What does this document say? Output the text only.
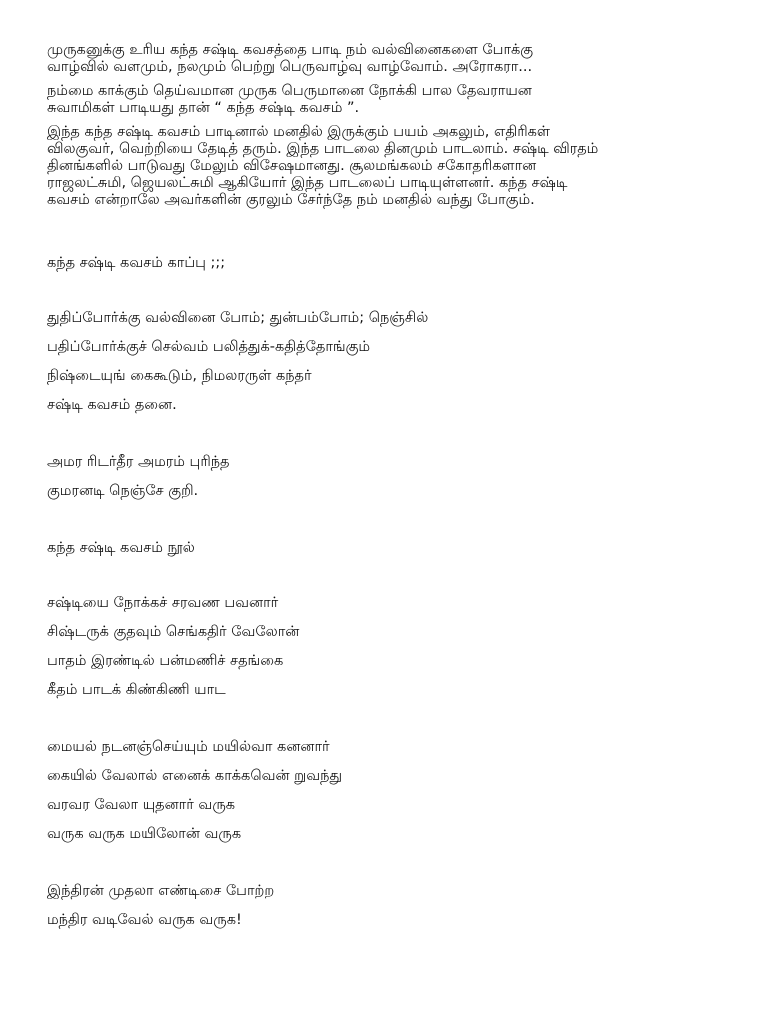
முருகனுக்கு உரிய கந்த சஷ்டி கவசத்தை பாடி நம் வல்வினைகளை போக்கு
வாழ்வில் வளமும், நலமும் பெற்று பெருவாழ்வு வாழ்வோம். அரோகரா...

நம்மை காக்கும் தெய்வமான முருக பெருமானை நோக்கி பால தேவராயன
சுவாமிகள் பாடியது தான் “ கந்த சஷ்டி கவசம் ”.

இந்த கந்த சஷ்டி கவசம் பாடினால் மனதில் இருக்கும் பயம் அகலும், எதிரிகள்
விலகுவர், வெற்றியை தேடித் தரும். இந்த பாடலை தினமும் பாடலாம். சஷ்டி விரதம்
தினங்களில் பாடுவது மேலும் விசேஷமானது. சூலமங்கலம் சகோதரிகளான
ராஜலட்சுமி, ஜெயலட்சுமி ஆகியோர் இந்த பாடலைப் பாடியுள்ளனர். கந்த சஷ்டி
கவசம் என்றாலே அவர்களின் குரலும் சேர்ந்தே நம் மனதில் வந்து போகும்.

கந்த சஷ்டி கவசம் காப்பு ;;;
துதிப்போர்க்கு வல்வினை போம்; துன்பம்போம்; நெஞ்சில்
பதிப்போர்க்குச் செல்வம் பலித்துக்-கதித்தோங்கும்
நிஷ்டையுங் கைகூடும், நிமலரருள் கந்தர்
சஷ்டி கவசம் தனை.
அமர ரிடர்தீர அமரம் புரிந்த
குமரனடி நெஞ்சே குறி.
கந்த சஷ்டி கவசம் நூல்
சஷ்டியை நோக்கச் சரவண பவனார்
சிஷ்டருக் குதவும் செங்கதிர் வேலோன்
பாதம் இரண்டில் பன்மணிச் சதங்கை
கீதம் பாடக் கிண்கிணி யாட
மையல் நடனஞ்செய்யும் மயில்வா கனனார்
கையில் வேலால் எனைக் காக்கவென் றுவந்து
வரவர வேலா யுதனார் வருக
வருக வருக மயிலோன் வருக
இந்திரன் முதலா எண்டிசை போற்ற
மந்திர வடிவேல் வருக வருக!
